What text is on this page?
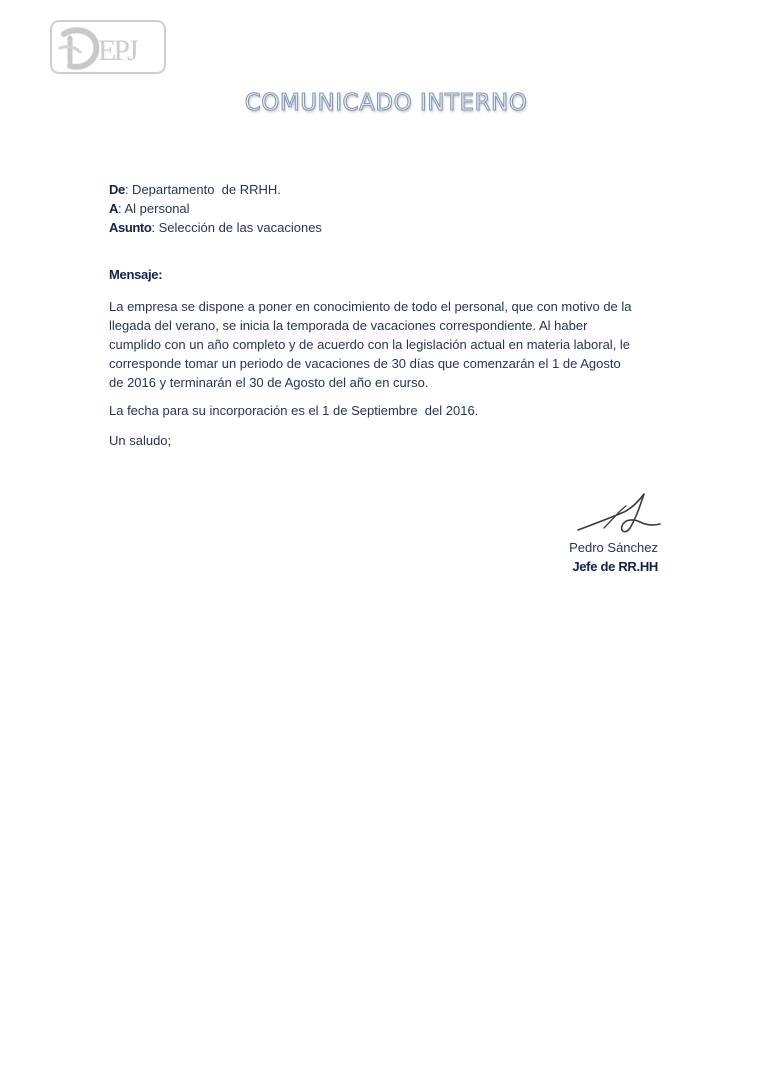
EPJ
COMUNICADO INTERNO
De: Departamento  de RRHH.
A: Al personal
Asunto: Selección de las vacaciones
Mensaje:
La empresa se dispone a poner en conocimiento de todo el personal, que con motivo de la
llegada del verano, se inicia la temporada de vacaciones correspondiente. Al haber
cumplido con un año completo y de acuerdo con la legislación actual en materia laboral, le
corresponde tomar un periodo de vacaciones de 30 días que comenzarán el 1 de Agosto
de 2016 y terminarán el 30 de Agosto del año en curso.
La fecha para su incorporación es el 1 de Septiembre  del 2016.
Un saludo;
Pedro Sánchez
Jefe de RR.HH
